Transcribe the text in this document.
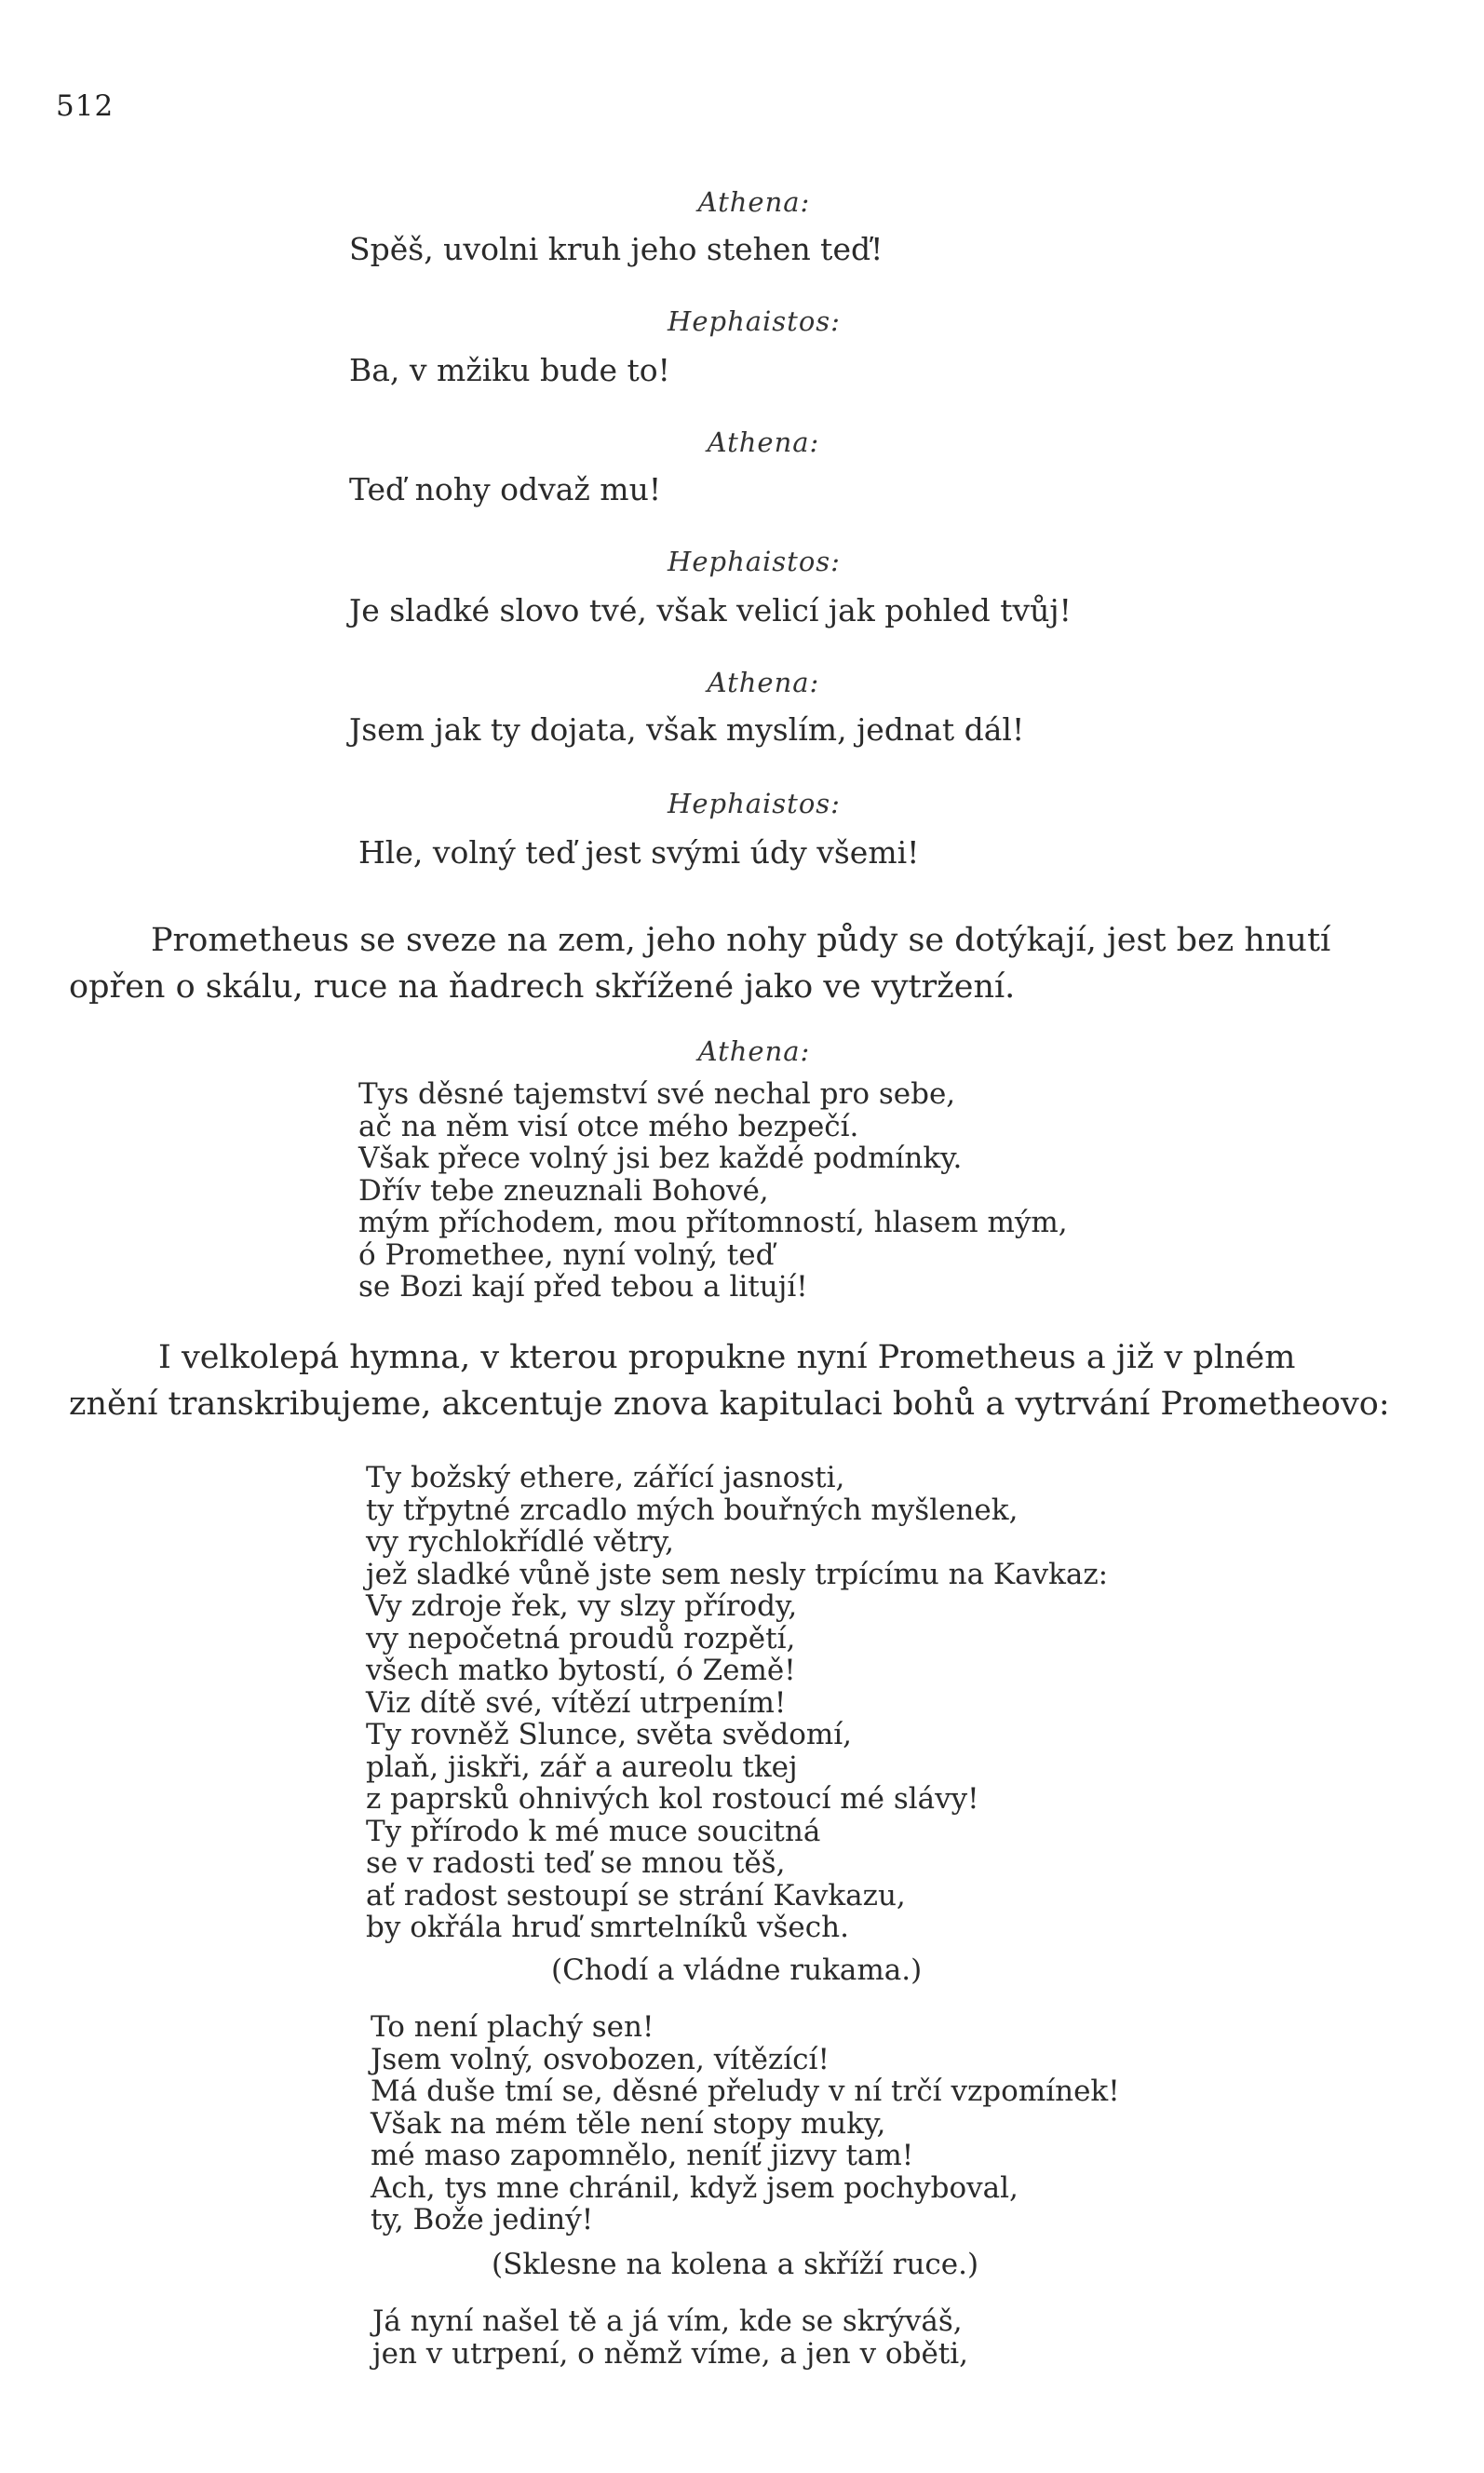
512
Athena:
Spěš, uvolni kruh jeho stehen teď!
Hephaistos:
Ba, v mžiku bude to!
Athena:
Teď nohy odvaž mu!
Hephaistos:
Je sladké slovo tvé, však velicí jak pohled tvůj!
Athena:
Jsem jak ty dojata, však myslím, jednat dál!
Hephaistos:
Hle, volný teď jest svými údy všemi!
Prometheus se sveze na zem, jeho nohy půdy se dotýkají, jest bez hnutí
opřen o skálu, ruce na ňadrech skřížené jako ve vytržení.
Athena:
Tys děsné tajemství své nechal pro sebe,
ač na něm visí otce mého bezpečí.
Však přece volný jsi bez každé podmínky.
Dřív tebe zneuznali Bohové,
mým příchodem, mou přítomností, hlasem mým,
ó Promethee, nyní volný, teď
se Bozi kají před tebou a litují!
I velkolepá hymna, v kterou propukne nyní Prometheus a již v plném
znění transkribujeme, akcentuje znova kapitulaci bohů a vytrvání Prometheovo:
Ty božský ethere, zářící jasnosti,
ty třpytné zrcadlo mých bouřných myšlenek,
vy rychlokřídlé větry,
jež sladké vůně jste sem nesly trpícímu na Kavkaz:
Vy zdroje řek, vy slzy přírody,
vy nepočetná proudů rozpětí,
všech matko bytostí, ó Země!
Viz dítě své, vítězí utrpením!
Ty rovněž Slunce, světa svědomí,
plaň, jiskři, zář a aureolu tkej
z paprsků ohnivých kol rostoucí mé slávy!
Ty přírodo k mé muce soucitná
se v radosti teď se mnou těš,
ať radost sestoupí se strání Kavkazu,
by okřála hruď smrtelníků všech.
(Chodí a vládne rukama.)
To není plachý sen!
Jsem volný, osvobozen, vítězící!
Má duše tmí se, děsné přeludy v ní trčí vzpomínek!
Však na mém těle není stopy muky,
mé maso zapomnělo, neníť jizvy tam!
Ach, tys mne chránil, když jsem pochyboval,
ty, Bože jediný!
(Sklesne na kolena a skříží ruce.)
Já nyní našel tě a já vím, kde se skrýváš,
jen v utrpení, o němž víme, a jen v oběti,
